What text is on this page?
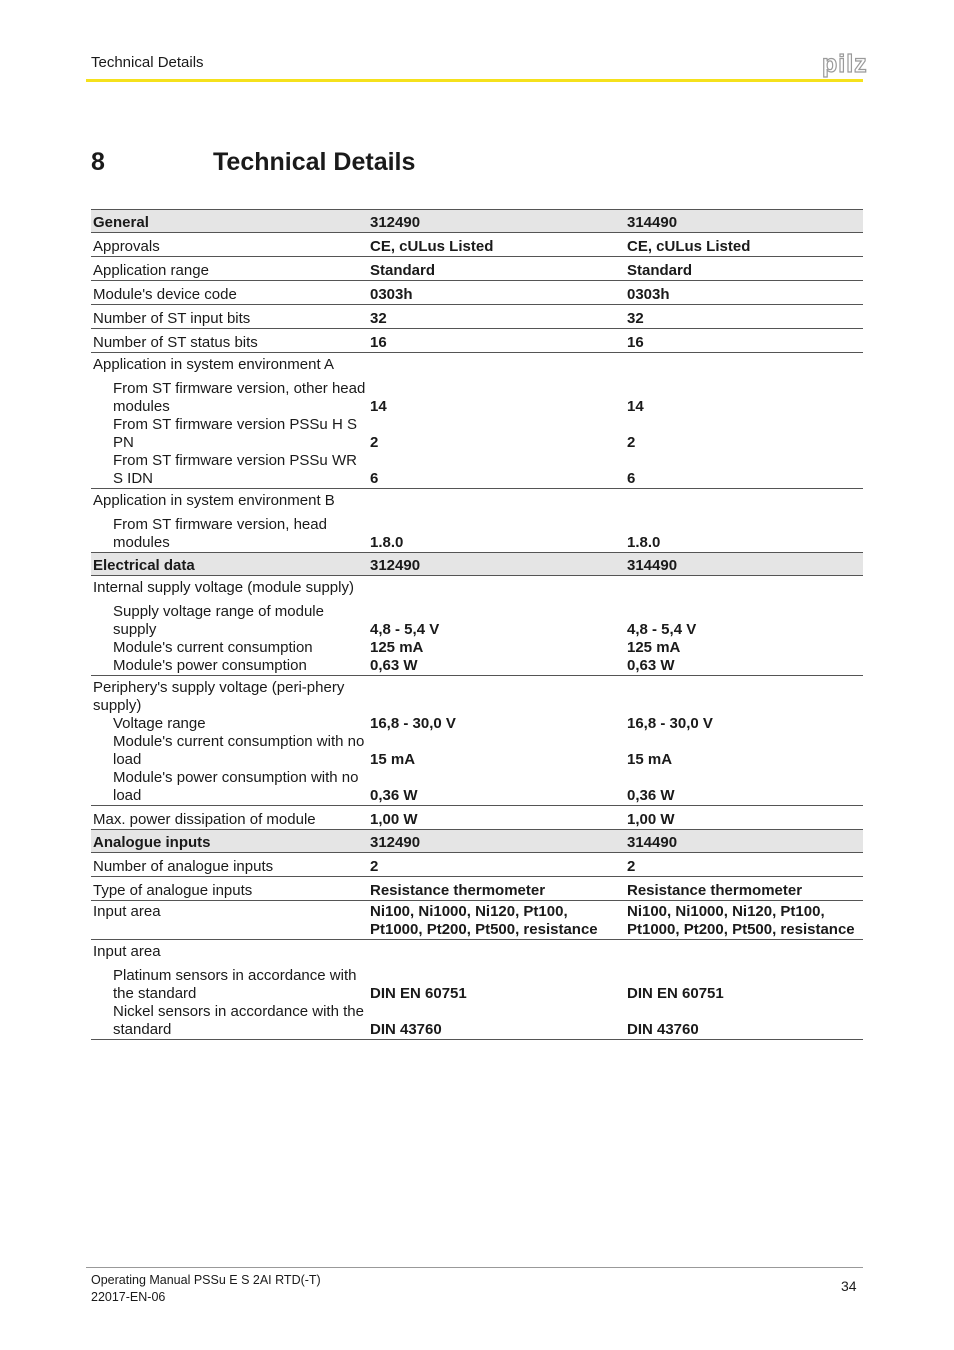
Technical Details	pilz
8	Technical Details
General	312490	314490
Approvals	CE, cULus Listed	CE, cULus Listed
Application range	Standard	Standard
Module's device code	0303h	0303h
Number of ST input bits	32	32
Number of ST status bits	16	16
Application in system environment A		
From ST firmware version, other head modules	14	14
From ST firmware version PSSu H S PN	2	2
From ST firmware version PSSu WR S IDN	6	6
Application in system environment B		
From ST firmware version, head modules	1.8.0	1.8.0
Electrical data	312490	314490
Internal supply voltage (module supply)		
Supply voltage range of module supply	4,8 - 5,4 V	4,8 - 5,4 V
Module's current consumption	125 mA	125 mA
Module's power consumption	0,63 W	0,63 W
Periphery's supply voltage (peri-phery supply)		
Voltage range	16,8 - 30,0 V	16,8 - 30,0 V
Module's current consumption with no load	15 mA	15 mA
Module's power consumption with no load	0,36 W	0,36 W
Max. power dissipation of module	1,00 W	1,00 W
Analogue inputs	312490	314490
Number of analogue inputs	2	2
Type of analogue inputs	Resistance thermometer	Resistance thermometer
Input area	Ni100, Ni1000, Ni120, Pt100, Pt1000, Pt200, Pt500, resistance	Ni100, Ni1000, Ni120, Pt100, Pt1000, Pt200, Pt500, resistance
Input area		
Platinum sensors in accordance with the standard	DIN EN 60751	DIN EN 60751
Nickel sensors in accordance with the standard	DIN 43760	DIN 43760
Operating Manual PSSu E S 2AI RTD(-T)
22017-EN-06
34
